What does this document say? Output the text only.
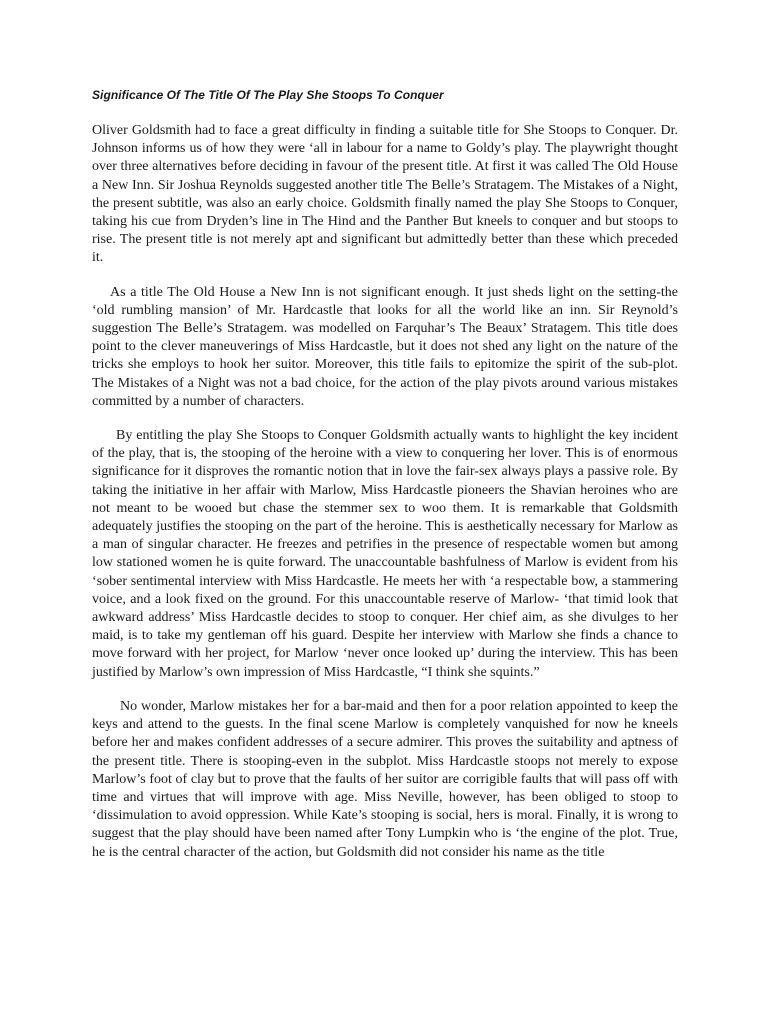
Significance Of The Title Of The Play She Stoops To Conquer

Oliver Goldsmith had to face a great difficulty in finding a suitable title for She Stoops to Conquer. Dr. Johnson informs us of how they were ‘all in labour for a name to Goldy’s play. The playwright thought over three alternatives before deciding in favour of the present title. At first it was called The Old House a New Inn. Sir Joshua Reynolds suggested another title The Belle’s Stratagem. The Mistakes of a Night, the present subtitle, was also an early choice. Goldsmith finally named the play She Stoops to Conquer, taking his cue from Dryden’s line in The Hind and the Panther But kneels to conquer and but stoops to rise. The present title is not merely apt and significant but admittedly better than these which preceded it.

As a title The Old House a New Inn is not significant enough. It just sheds light on the setting-the ‘old rumbling mansion’ of Mr. Hardcastle that looks for all the world like an inn. Sir Reynold’s suggestion The Belle’s Stratagem. was modelled on Farquhar’s The Beaux’ Stratagem. This title does point to the clever maneuverings of Miss Hardcastle, but it does not shed any light on the nature of the tricks she employs to hook her suitor. Moreover, this title fails to epitomize the spirit of the sub-plot. The Mistakes of a Night was not a bad choice, for the action of the play pivots around various mistakes committed by a number of characters.

By entitling the play She Stoops to Conquer Goldsmith actually wants to highlight the key incident of the play, that is, the stooping of the heroine with a view to conquering her lover. This is of enormous significance for it disproves the romantic notion that in love the fair-sex always plays a passive role. By taking the initiative in her affair with Marlow, Miss Hardcastle pioneers the Shavian heroines who are not meant to be wooed but chase the stemmer sex to woo them. It is remarkable that Goldsmith adequately justifies the stooping on the part of the heroine. This is aesthetically necessary for Marlow as a man of singular character. He freezes and petrifies in the presence of respectable women but among low stationed women he is quite forward. The unaccountable bashfulness of Marlow is evident from his ‘sober sentimental interview with Miss Hardcastle. He meets her with ‘a respectable bow, a stammering voice, and a look fixed on the ground. For this unaccountable reserve of Marlow- ‘that timid look that awkward address’ Miss Hardcastle decides to stoop to conquer. Her chief aim, as she divulges to her maid, is to take my gentleman off his guard. Despite her interview with Marlow she finds a chance to move forward with her project, for Marlow ‘never once looked up’ during the interview. This has been justified by Marlow’s own impression of Miss Hardcastle, “I think she squints.”

No wonder, Marlow mistakes her for a bar-maid and then for a poor relation appointed to keep the keys and attend to the guests. In the final scene Marlow is completely vanquished for now he kneels before her and makes confident addresses of a secure admirer. This proves the suitability and aptness of the present title. There is stooping-even in the subplot. Miss Hardcastle stoops not merely to expose Marlow’s foot of clay but to prove that the faults of her suitor are corrigible faults that will pass off with time and virtues that will improve with age. Miss Neville, however, has been obliged to stoop to ‘dissimulation to avoid oppression. While Kate’s stooping is social, hers is moral. Finally, it is wrong to suggest that the play should have been named after Tony Lumpkin who is ‘the engine of the plot. True, he is the central character of the action, but Goldsmith did not consider his name as the title
